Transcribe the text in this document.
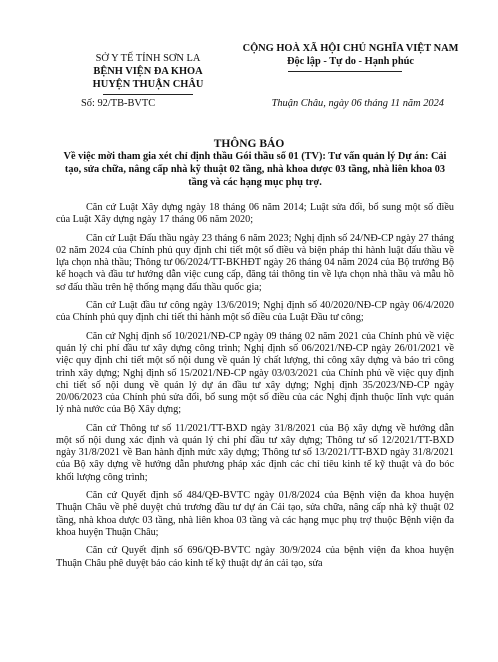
SỞ Y TẾ TỈNH SƠN LA
BỆNH VIỆN ĐA KHOA
HUYỆN THUẬN CHÂU
CỘNG HOÀ XÃ HỘI CHỦ NGHĨA VIỆT NAM
Độc lập - Tự do - Hạnh phúc
Số: 92/TB-BVTC	Thuận Châu, ngày 06 tháng 11 năm 2024
THÔNG BÁO
Về việc mời tham gia xét chỉ định thầu Gói thầu số 01 (TV): Tư vấn quản lý Dự án: Cải tạo, sửa chữa, nâng cấp nhà kỹ thuật 02 tầng, nhà khoa dược 03 tầng, nhà liên khoa 03 tầng và các hạng mục phụ trợ.

Căn cứ Luật Xây dựng ngày 18 tháng 06 năm 2014; Luật sửa đổi, bổ sung một số điều của Luật Xây dựng ngày 17 tháng 06 năm 2020;

Căn cứ Luật Đấu thầu ngày 23 tháng 6 năm 2023; Nghị định số 24/NĐ-CP ngày 27 tháng 02 năm 2024 của Chính phủ quy định chi tiết một số điều và biện pháp thi hành luật đấu thầu về lựa chọn nhà thầu; Thông tư 06/2024/TT-BKHĐT ngày 26 tháng 04 năm 2024 của Bộ trưởng Bộ kế hoạch và đầu tư hướng dẫn việc cung cấp, đăng tải thông tin về lựa chọn nhà thầu và mẫu hồ sơ đấu thầu trên hệ thống mạng đấu thầu quốc gia;

Căn cứ Luật đầu tư công ngày 13/6/2019; Nghị định số 40/2020/NĐ-CP ngày 06/4/2020 của Chính phủ quy định chi tiết thi hành một số điều của Luật Đầu tư công;

Căn cứ Nghị định số 10/2021/NĐ-CP ngày 09 tháng 02 năm 2021 của Chính phủ về việc quản lý chi phí đầu tư xây dựng công trình; Nghị định số 06/2021/NĐ-CP ngày 26/01/2021 về việc quy định chi tiết một số nội dung về quản lý chất lượng, thi công xây dựng và bảo trì công trình xây dựng; Nghị định số 15/2021/NĐ-CP ngày 03/03/2021 của Chính phủ về việc quy định chi tiết số nội dung về quản lý dự án đầu tư xây dựng; Nghị định 35/2023/NĐ-CP ngày 20/06/2023 của Chính phủ sửa đổi, bổ sung một số điều của các Nghị định thuộc lĩnh vực quản lý nhà nước của Bộ Xây dựng;

Căn cứ Thông tư số 11/2021/TT-BXD ngày 31/8/2021 của Bộ xây dựng về hướng dẫn một số nội dung xác định và quản lý chi phí đầu tư xây dựng; Thông tư số 12/2021/TT-BXD ngày 31/8/2021 về Ban hành định mức xây dựng; Thông tư số 13/2021/TT-BXD ngày 31/8/2021 của Bộ xây dựng về hướng dẫn phương pháp xác định các chỉ tiêu kinh tế kỹ thuật và đo bóc khối lượng công trình;

Căn cứ Quyết định số 484/QĐ-BVTC ngày 01/8/2024 của Bệnh viện đa khoa huyện Thuận Châu về phê duyệt chủ trương đầu tư dự án Cải tạo, sửa chữa, nâng cấp nhà kỹ thuật 02 tầng, nhà khoa dược 03 tầng, nhà liên khoa 03 tầng và các hạng mục phụ trợ thuộc Bệnh viện đa khoa huyện Thuận Châu;

Căn cứ Quyết định số 696/QĐ-BVTC ngày 30/9/2024 của bệnh viện đa khoa huyện Thuận Châu phê duyệt báo cáo kinh tế kỹ thuật dự án cải tạo, sửa
